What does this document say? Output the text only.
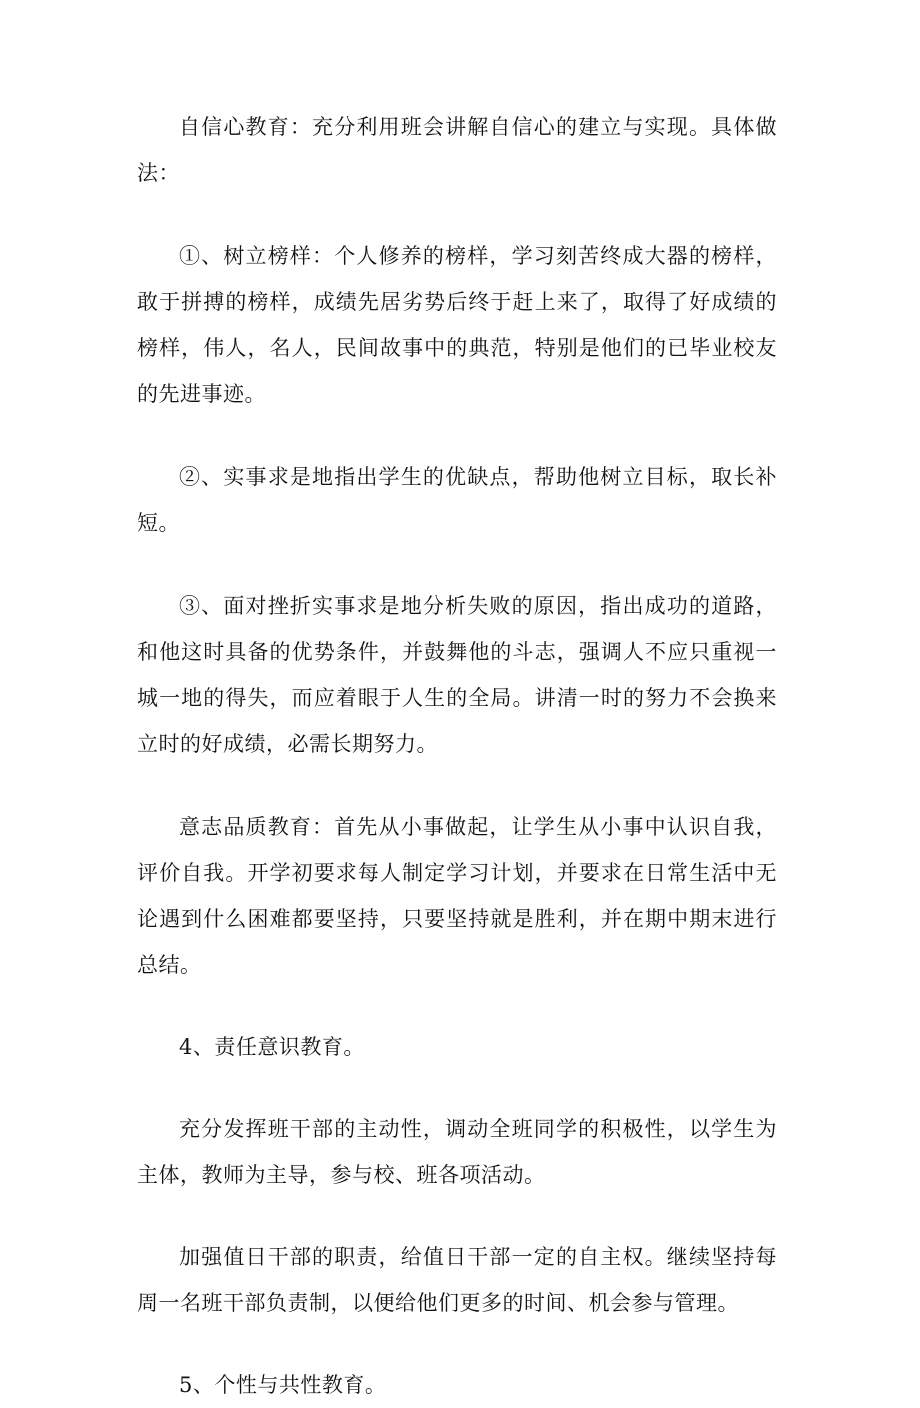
自信心教育：充分利用班会讲解自信心的建立与实现。具体做法：

①、树立榜样：个人修养的榜样，学习刻苦终成大器的榜样，敢于拼搏的榜样，成绩先居劣势后终于赶上来了，取得了好成绩的榜样，伟人，名人，民间故事中的典范，特别是他们的已毕业校友的先进事迹。

②、实事求是地指出学生的优缺点，帮助他树立目标，取长补短。

③、面对挫折实事求是地分析失败的原因，指出成功的道路，和他这时具备的优势条件，并鼓舞他的斗志，强调人不应只重视一城一地的得失，而应着眼于人生的全局。讲清一时的努力不会换来立时的好成绩，必需长期努力。

意志品质教育：首先从小事做起，让学生从小事中认识自我，评价自我。开学初要求每人制定学习计划，并要求在日常生活中无论遇到什么困难都要坚持，只要坚持就是胜利，并在期中期末进行总结。

4、责任意识教育。

充分发挥班干部的主动性，调动全班同学的积极性，以学生为主体，教师为主导，参与校、班各项活动。

加强值日干部的职责，给值日干部一定的自主权。继续坚持每周一名班干部负责制，以便给他们更多的时间、机会参与管理。

5、个性与共性教育。
